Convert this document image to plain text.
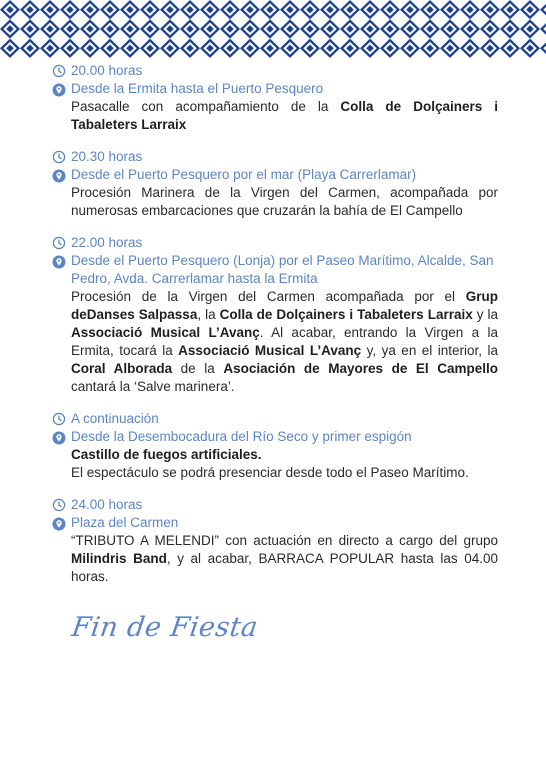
20.00 horas
Desde la Ermita hasta el Puerto Pesquero
Pasacalle con acompañamiento de la Colla de Dolçainers i Tabaleters Larraix
20.30 horas
Desde el Puerto Pesquero por el mar (Playa Carrerlamar)
Procesión Marinera de la Virgen del Carmen, acompañada por numerosas embarcaciones que cruzarán la bahía de El Campello
22.00 horas
Desde el Puerto Pesquero (Lonja) por el Paseo Marítimo, Alcalde, San Pedro, Avda. Carrerlamar hasta la Ermita
Procesión de la Virgen del Carmen acompañada por el Grup deDanses Salpassa, la Colla de Dolçainers i Tabaleters Larraix y la Associació Musical L’Avanç. Al acabar, entrando la Virgen a la Ermita, tocará la Associació Musical L’Avanç y, ya en el interior, la Coral Alborada de la Asociación de Mayores de El Campello cantará la ‘Salve marinera’.
A continuación
Desde la Desembocadura del Río Seco y primer espigón
Castillo de fuegos artificiales.
El espectáculo se podrá presenciar desde todo el Paseo Marítimo.
24.00 horas
Plaza del Carmen
“TRIBUTO A MELENDI” con actuación en directo a cargo del grupo Milindris Band, y al acabar, BARRACA POPULAR hasta las 04.00 horas.
Fin de Fiesta
